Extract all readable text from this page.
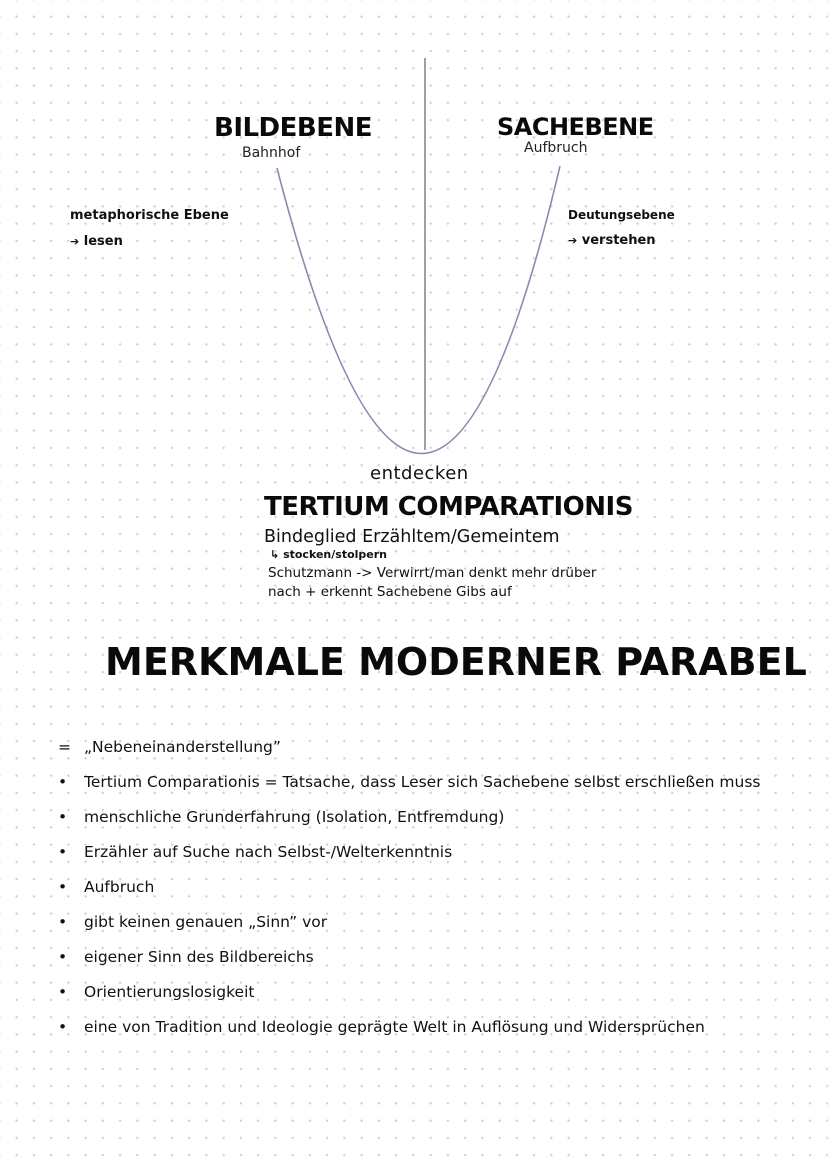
BILDEBENE
Bahnhof
SACHEBENE
Aufbruch
metaphorische Ebene
➔ lesen
Deutungsebene
➔ verstehen
entdecken
TERTIUM COMPARATIONIS
Bindeglied Erzähltem/Gemeintem
↳ stocken/stolpern
Schutzmann -> Verwirrt/man denkt mehr drüber
nach + erkennt Sachebene Gibs auf
MERKMALE MODERNER PARABEL
= „Nebeneinanderstellung”
•	Tertium Comparationis = Tatsache, dass Leser sich Sachebene selbst erschließen muss
•	menschliche Grunderfahrung (Isolation, Entfremdung)
•	Erzähler auf Suche nach Selbst-/Welterkenntnis
•	Aufbruch
•	gibt keinen genauen „Sinn” vor
•	eigener Sinn des Bildbereichs
•	Orientierungslosigkeit
•	eine von Tradition und Ideologie geprägte Welt in Auflösung und Widersprüchen
